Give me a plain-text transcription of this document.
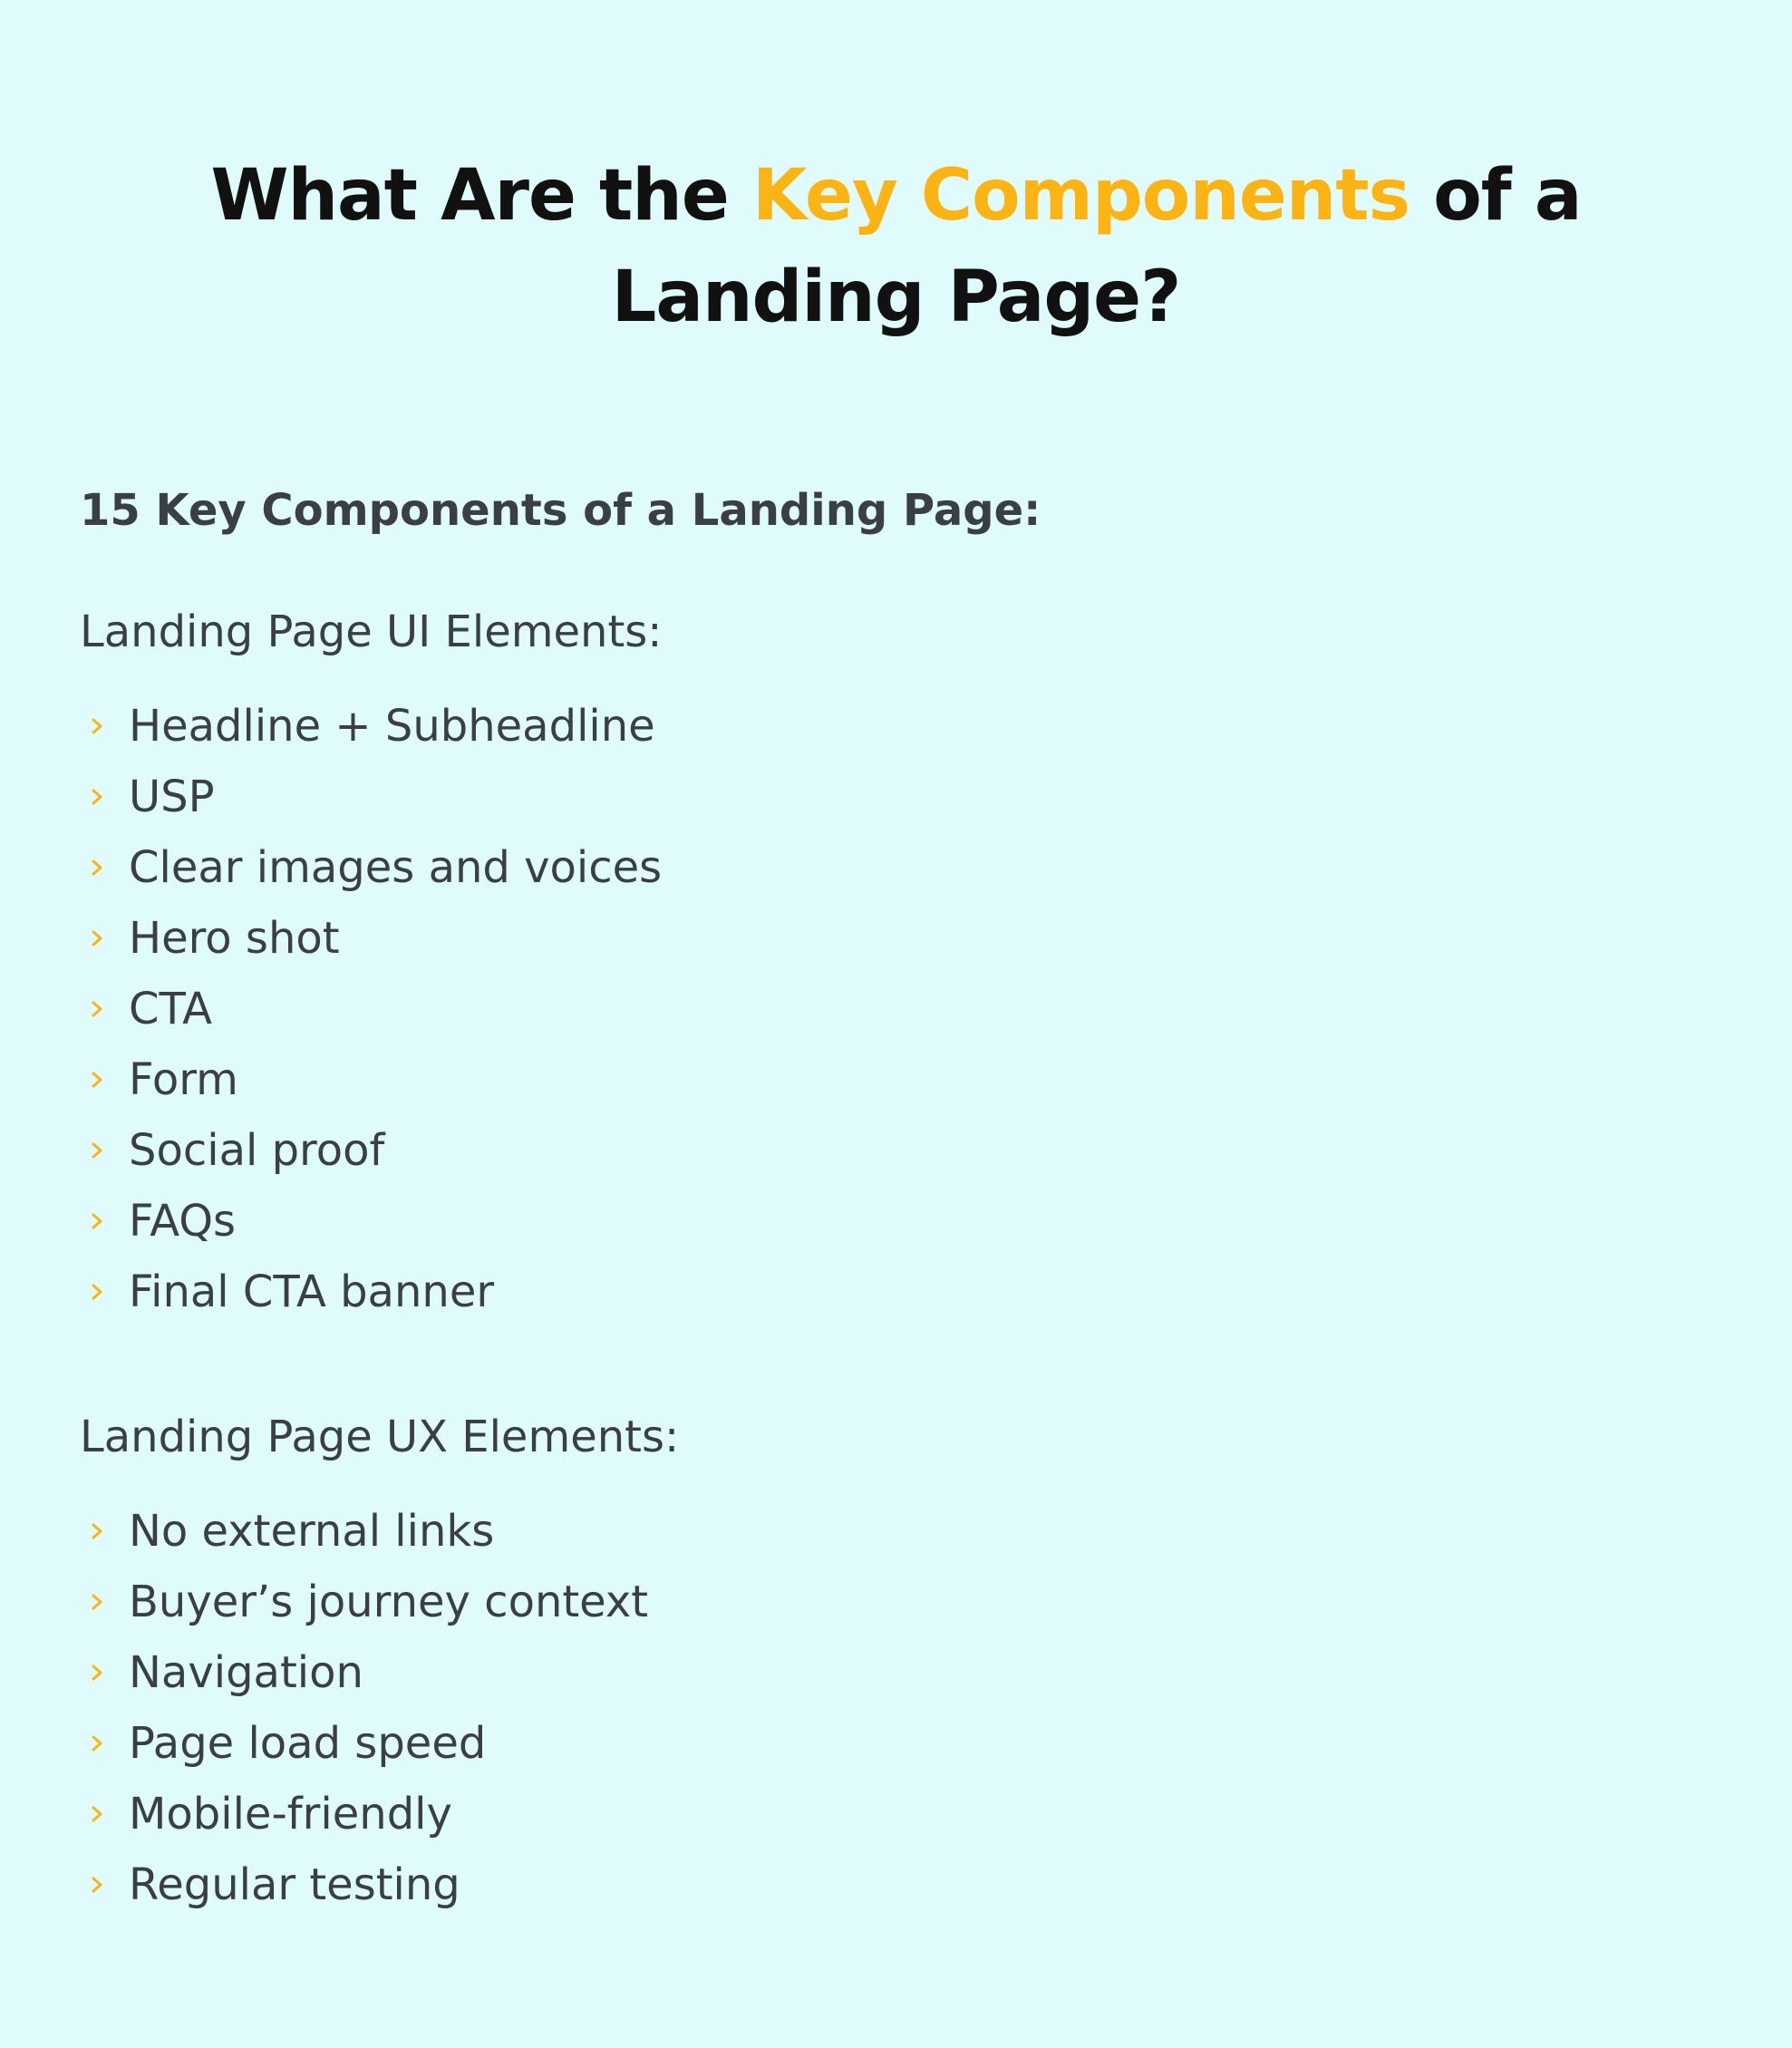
What Are the Key Components of a
Landing Page?
15 Key Components of a Landing Page:
Landing Page UI Elements:
Headline + Subheadline
USP
Clear images and voices
Hero shot
CTA
Form
Social proof
FAQs
Final CTA banner
Landing Page UX Elements:
No external links
Buyer’s journey context
Navigation
Page load speed
Mobile-friendly
Regular testing
